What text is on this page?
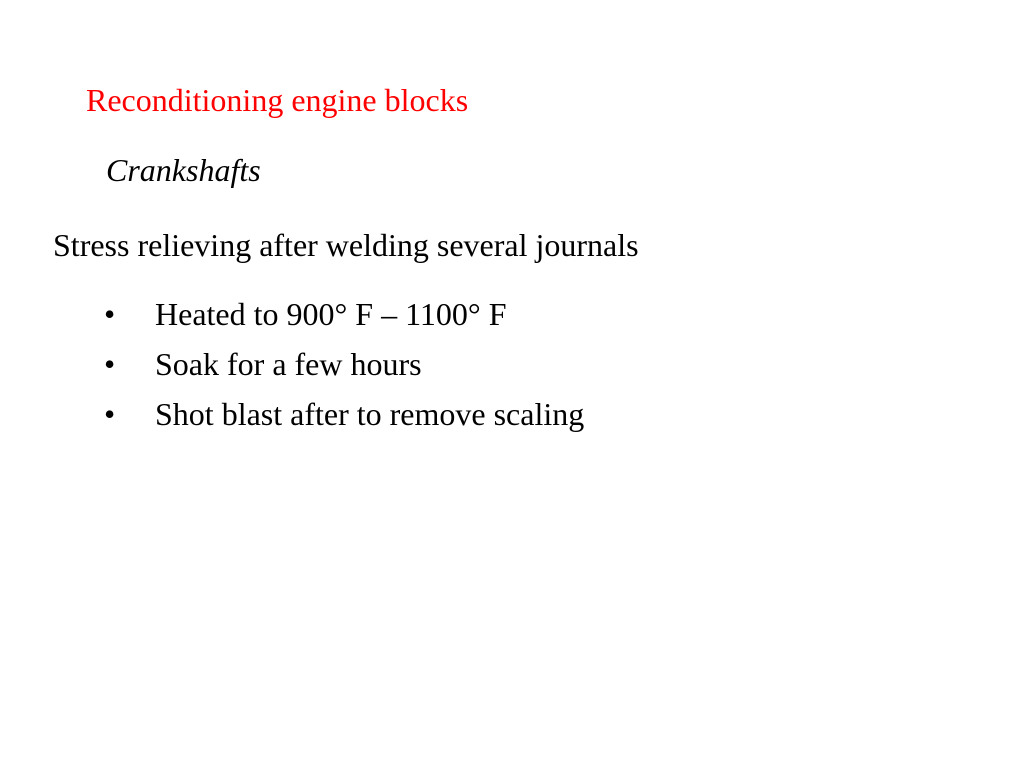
Reconditioning engine blocks
Crankshafts
Stress relieving after welding several journals
• Heated to 900° F – 1100° F
• Soak for a few hours
• Shot blast after to remove scaling
